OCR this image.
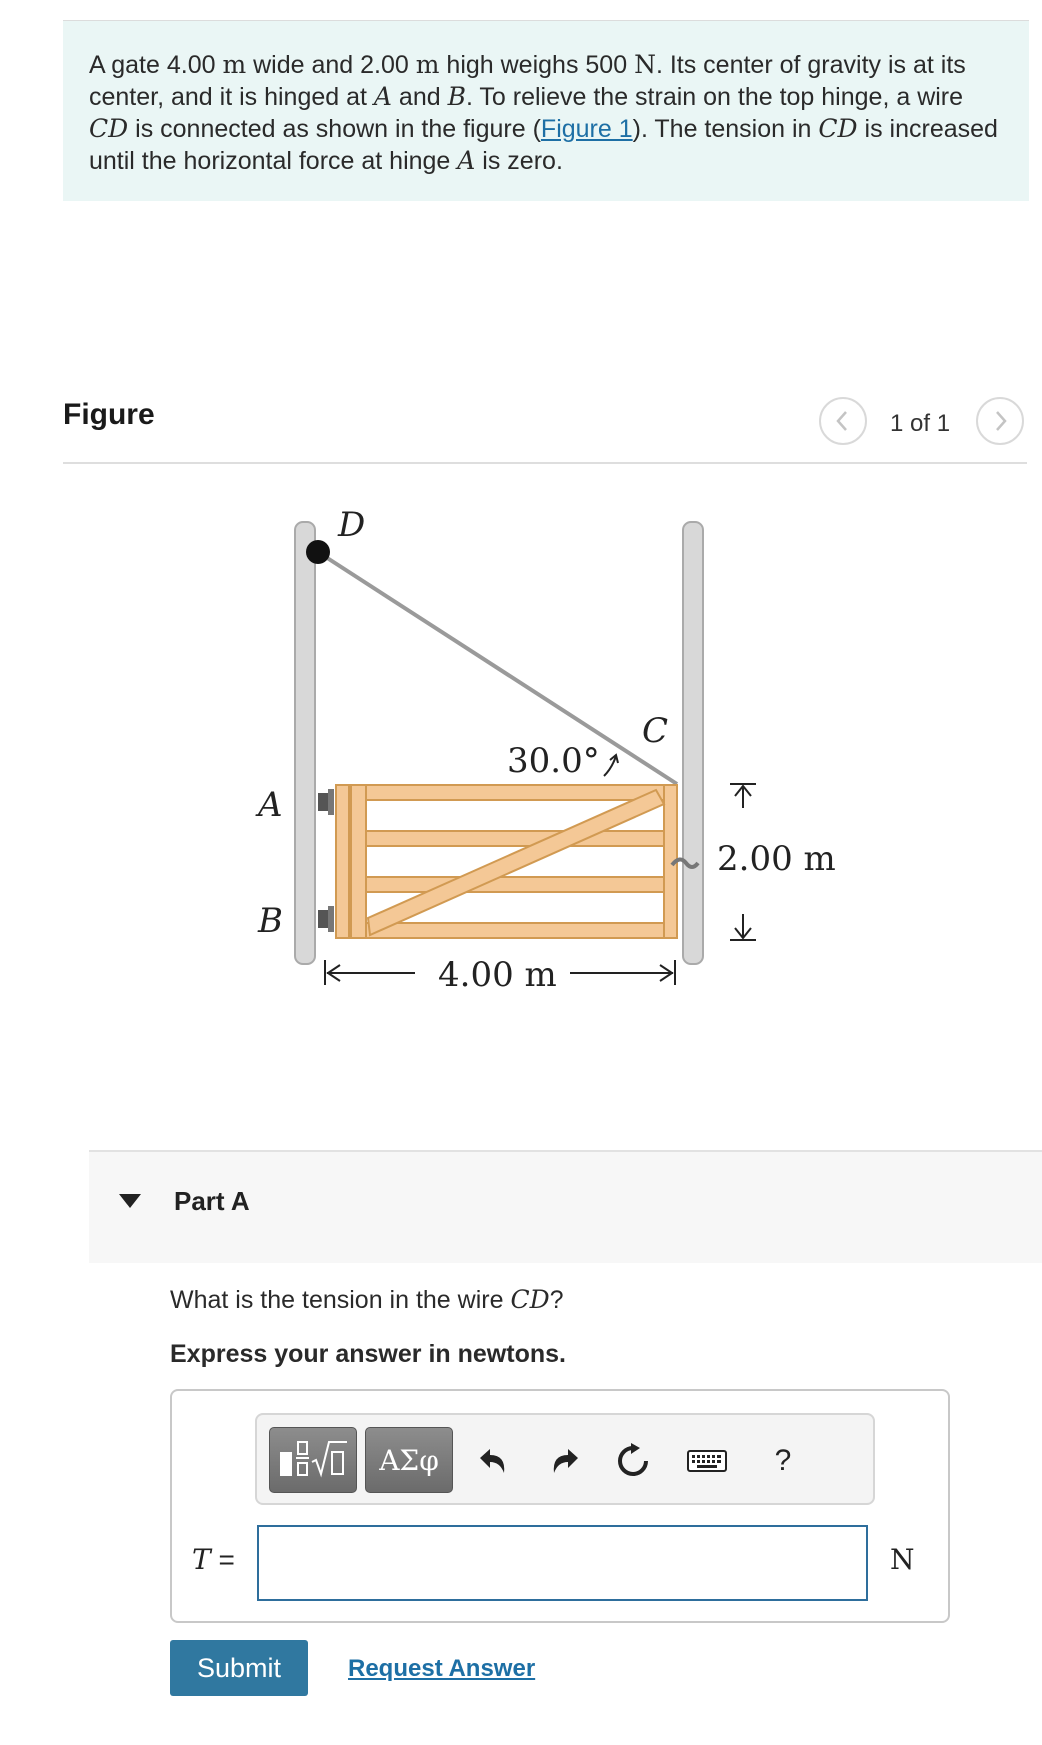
A gate 4.00 m wide and 2.00 m high weighs 500 N. Its center of gravity is at its center, and it is hinged at A and B. To relieve the strain on the top hinge, a wire CD is connected as shown in the figure (Figure 1). The tension in CD is increased until the horizontal force at hinge A is zero.
Figure	1 of 1
D
C
A
B
30.0°
2.00 m
4.00 m
Part A
What is the tension in the wire CD?
Express your answer in newtons.
ΑΣφ	?
T =	N
Submit	Request Answer
